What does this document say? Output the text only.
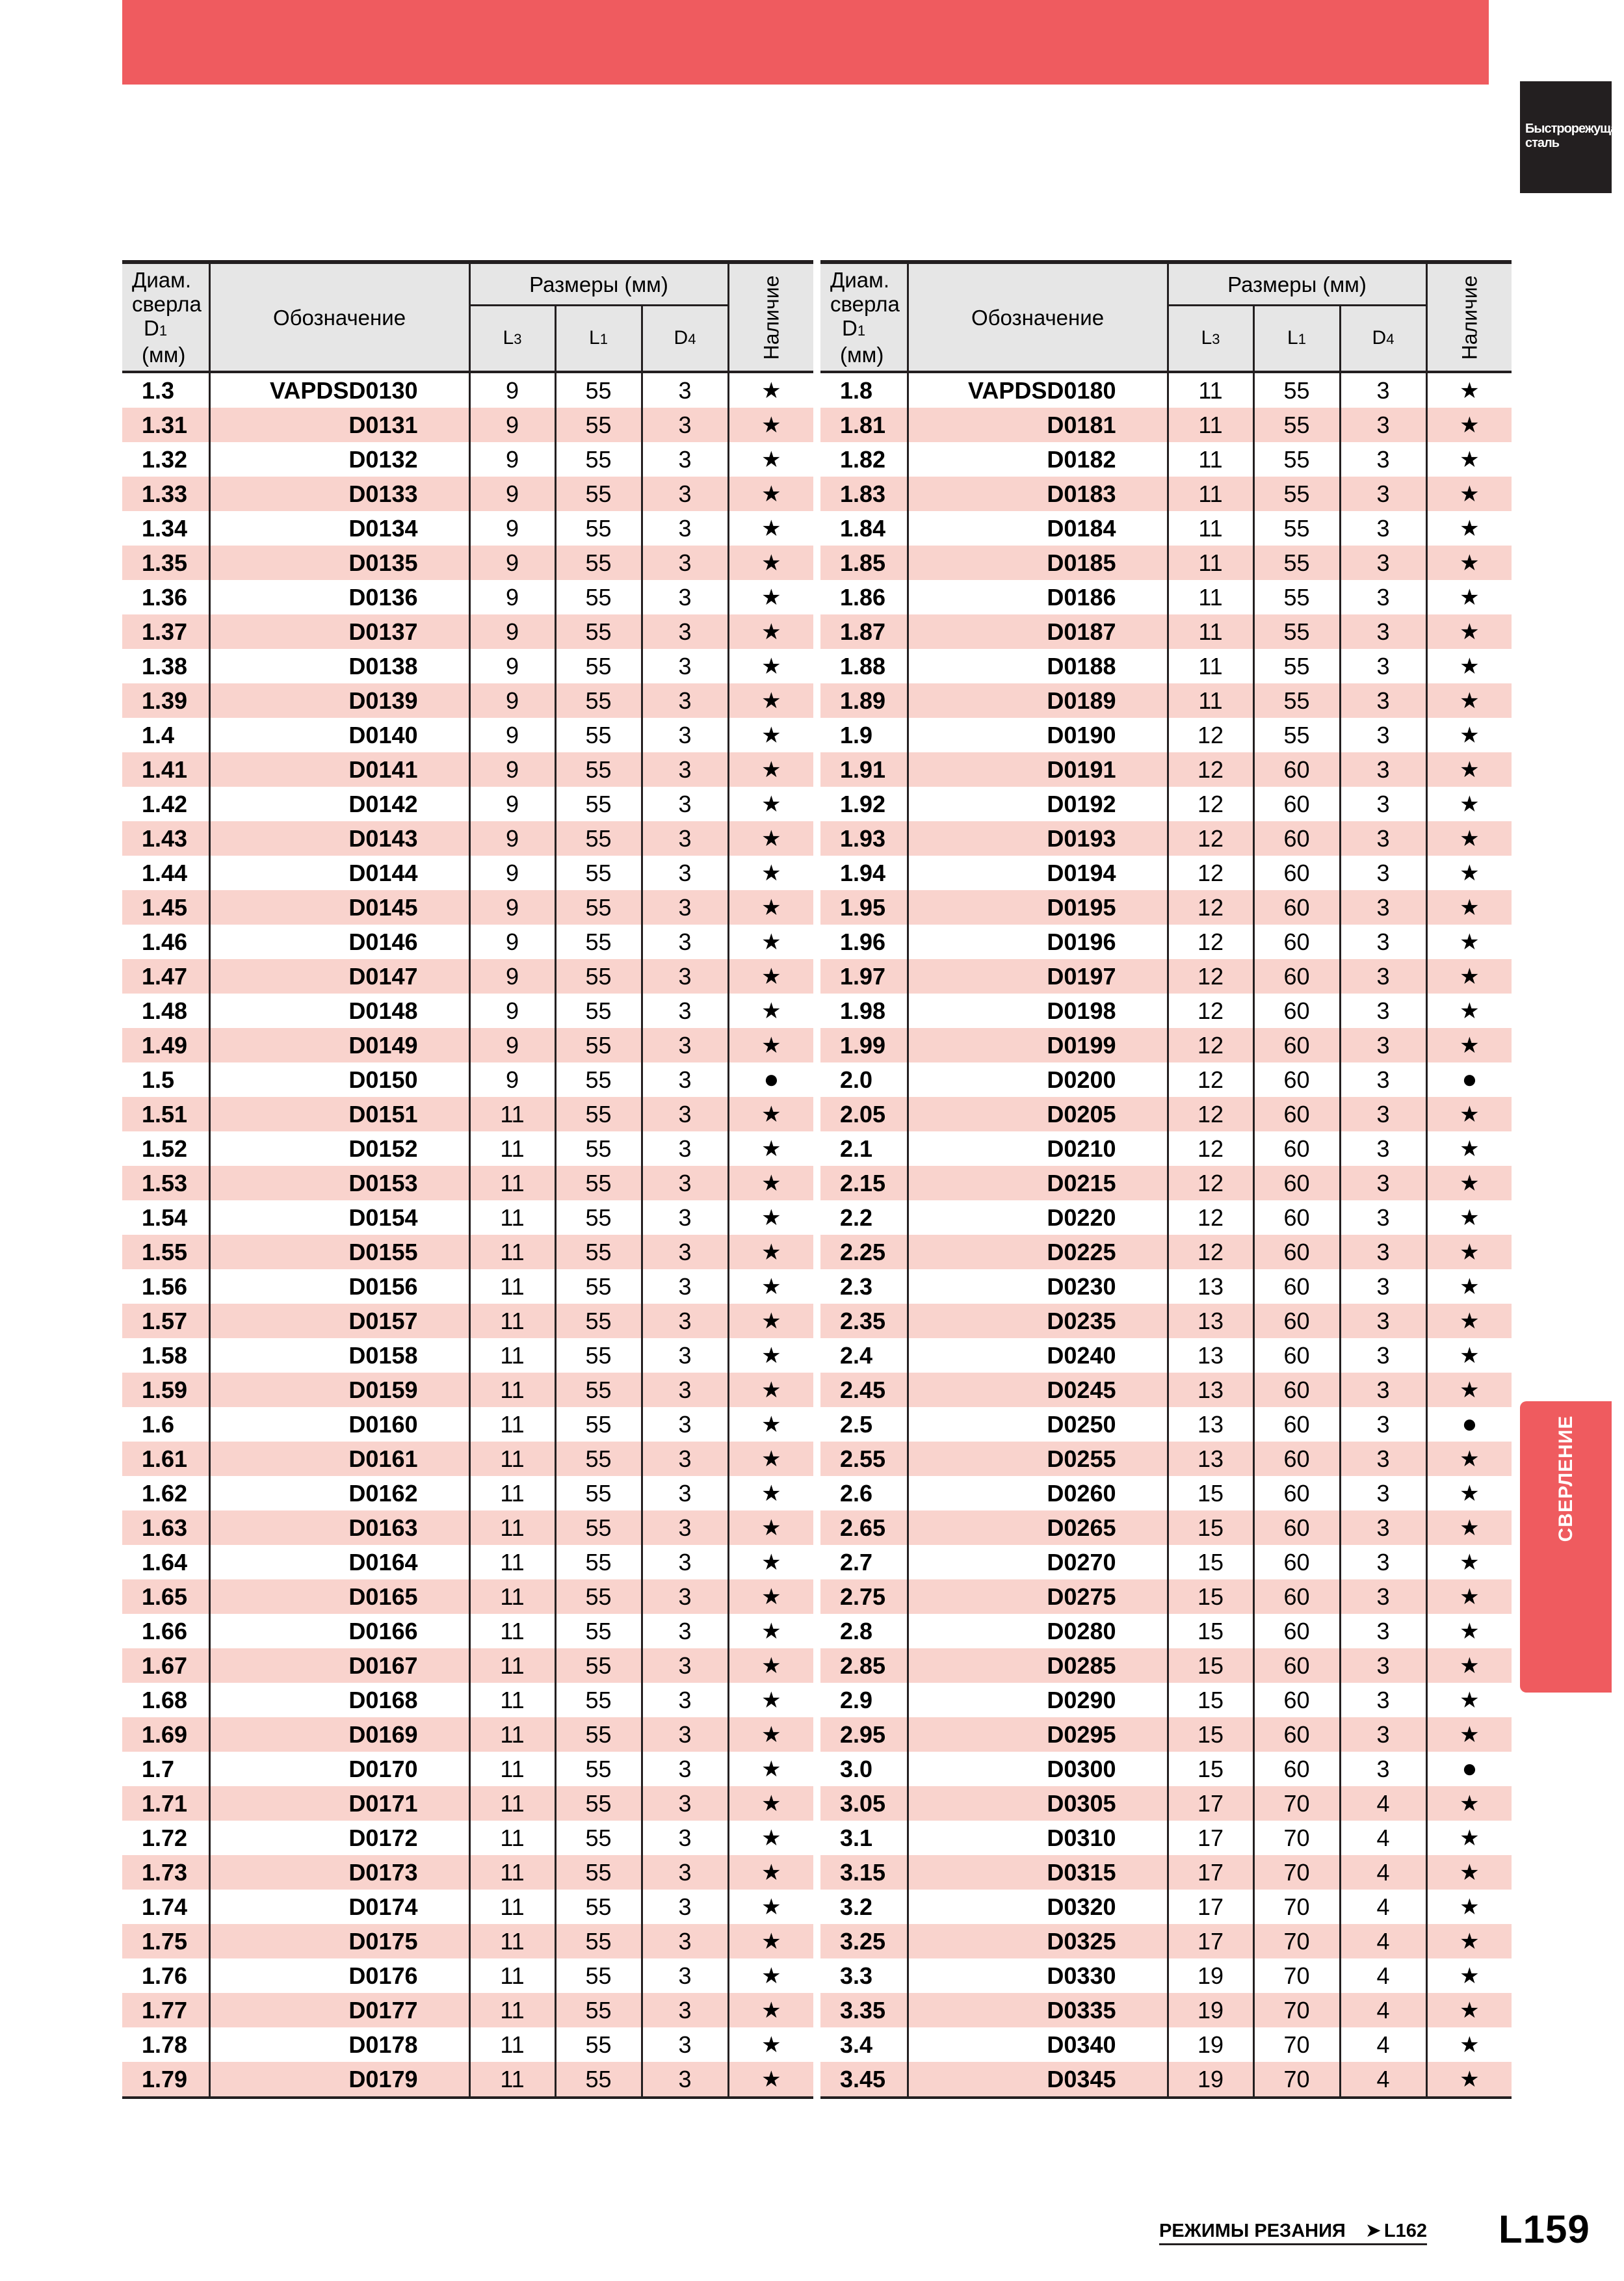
Быстрорежущая
сталь
СВЕРЛЕНИЕ
Диам.
сверла
D1
(мм)	Обозначение	Размеры (мм)			Наличие
		L3	L1	D4	
1.3	VAPDSD0130	9	55	3	★
1.31	D0131	9	55	3	★
1.32	D0132	9	55	3	★
1.33	D0133	9	55	3	★
1.34	D0134	9	55	3	★
1.35	D0135	9	55	3	★
1.36	D0136	9	55	3	★
1.37	D0137	9	55	3	★
1.38	D0138	9	55	3	★
1.39	D0139	9	55	3	★
1.4	D0140	9	55	3	★
1.41	D0141	9	55	3	★
1.42	D0142	9	55	3	★
1.43	D0143	9	55	3	★
1.44	D0144	9	55	3	★
1.45	D0145	9	55	3	★
1.46	D0146	9	55	3	★
1.47	D0147	9	55	3	★
1.48	D0148	9	55	3	★
1.49	D0149	9	55	3	★
1.5	D0150	9	55	3	●
1.51	D0151	11	55	3	★
1.52	D0152	11	55	3	★
1.53	D0153	11	55	3	★
1.54	D0154	11	55	3	★
1.55	D0155	11	55	3	★
1.56	D0156	11	55	3	★
1.57	D0157	11	55	3	★
1.58	D0158	11	55	3	★
1.59	D0159	11	55	3	★
1.6	D0160	11	55	3	★
1.61	D0161	11	55	3	★
1.62	D0162	11	55	3	★
1.63	D0163	11	55	3	★
1.64	D0164	11	55	3	★
1.65	D0165	11	55	3	★
1.66	D0166	11	55	3	★
1.67	D0167	11	55	3	★
1.68	D0168	11	55	3	★
1.69	D0169	11	55	3	★
1.7	D0170	11	55	3	★
1.71	D0171	11	55	3	★
1.72	D0172	11	55	3	★
1.73	D0173	11	55	3	★
1.74	D0174	11	55	3	★
1.75	D0175	11	55	3	★
1.76	D0176	11	55	3	★
1.77	D0177	11	55	3	★
1.78	D0178	11	55	3	★
1.79	D0179	11	55	3	★
Диам.
сверла
D1
(мм)	Обозначение	Размеры (мм)			Наличие
		L3	L1	D4	
1.8	VAPDSD0180	11	55	3	★
1.81	D0181	11	55	3	★
1.82	D0182	11	55	3	★
1.83	D0183	11	55	3	★
1.84	D0184	11	55	3	★
1.85	D0185	11	55	3	★
1.86	D0186	11	55	3	★
1.87	D0187	11	55	3	★
1.88	D0188	11	55	3	★
1.89	D0189	11	55	3	★
1.9	D0190	12	55	3	★
1.91	D0191	12	60	3	★
1.92	D0192	12	60	3	★
1.93	D0193	12	60	3	★
1.94	D0194	12	60	3	★
1.95	D0195	12	60	3	★
1.96	D0196	12	60	3	★
1.97	D0197	12	60	3	★
1.98	D0198	12	60	3	★
1.99	D0199	12	60	3	★
2.0	D0200	12	60	3	●
2.05	D0205	12	60	3	★
2.1	D0210	12	60	3	★
2.15	D0215	12	60	3	★
2.2	D0220	12	60	3	★
2.25	D0225	12	60	3	★
2.3	D0230	13	60	3	★
2.35	D0235	13	60	3	★
2.4	D0240	13	60	3	★
2.45	D0245	13	60	3	★
2.5	D0250	13	60	3	●
2.55	D0255	13	60	3	★
2.6	D0260	15	60	3	★
2.65	D0265	15	60	3	★
2.7	D0270	15	60	3	★
2.75	D0275	15	60	3	★
2.8	D0280	15	60	3	★
2.85	D0285	15	60	3	★
2.9	D0290	15	60	3	★
2.95	D0295	15	60	3	★
3.0	D0300	15	60	3	●
3.05	D0305	17	70	4	★
3.1	D0310	17	70	4	★
3.15	D0315	17	70	4	★
3.2	D0320	17	70	4	★
3.25	D0325	17	70	4	★
3.3	D0330	19	70	4	★
3.35	D0335	19	70	4	★
3.4	D0340	19	70	4	★
3.45	D0345	19	70	4	★
РЕЖИМЫ РЕЗАНИЯ ➤ L162 L159
